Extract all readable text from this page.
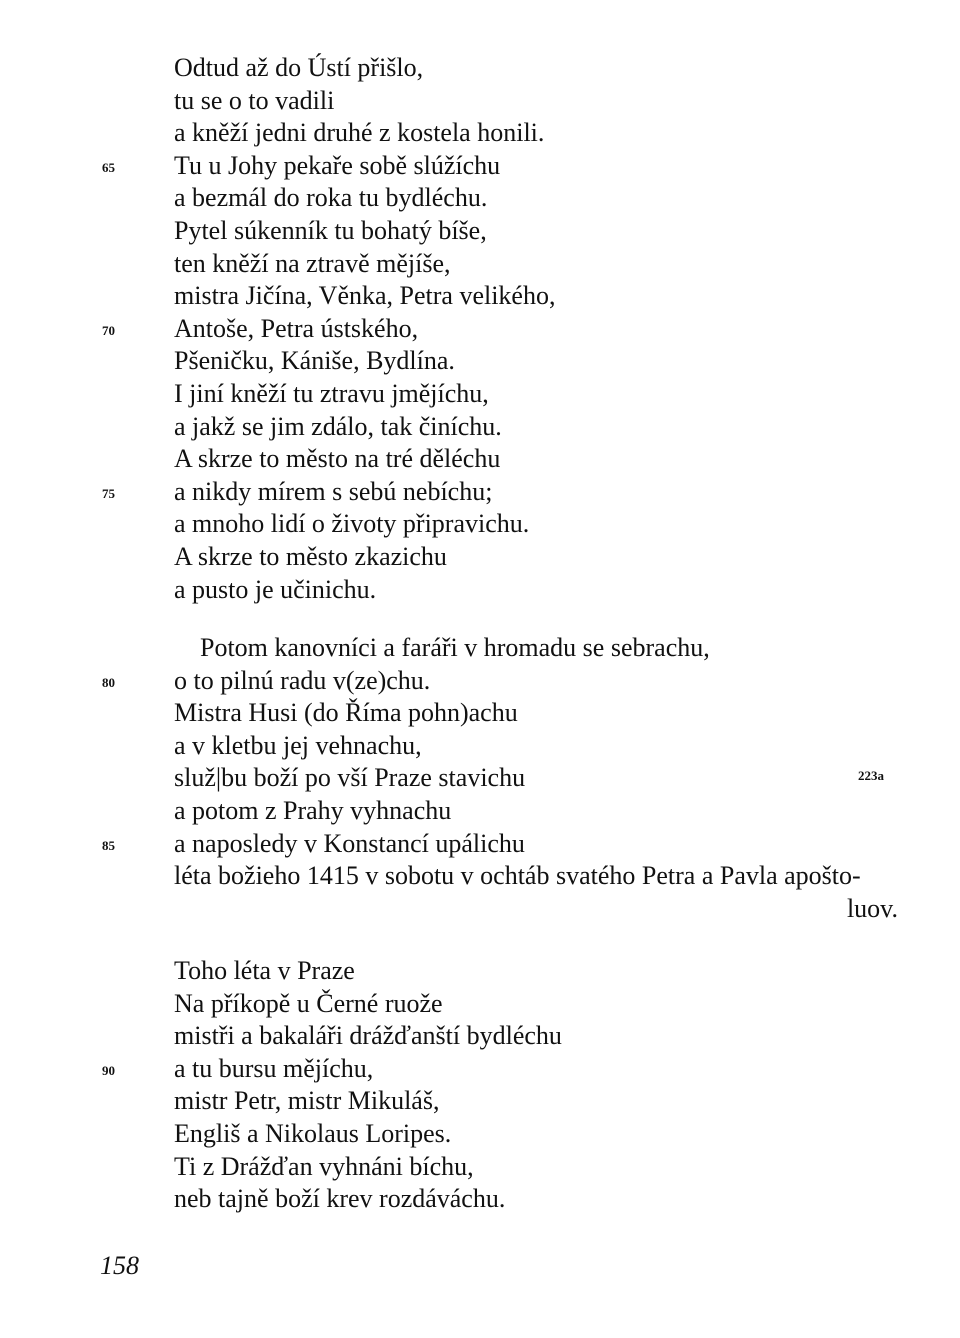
Odtud až do Ústí přišlo,
tu se o to vadili
a kněží jedni druhé z kostela honili.
65 Tu u Johy pekaře sobě slúžíchu
a bezmál do roka tu bydléchu.
Pytel súkenník tu bohatý bíše,
ten kněží na ztravě mějíše,
mistra Jičína, Věnka, Petra velikého,
70 Antoše, Petra ústského,
Pšeničku, Kániše, Bydlína.
I jiní kněží tu ztravu jmějíchu,
a jakž se jim zdálo, tak činíchu.
A skrze to město na tré děléchu
75 a nikdy mírem s sebú nebíchu;
a mnoho lidí o životy připravichu.
A skrze to město zkazichu
a pusto je učinichu.
Potom kanovníci a faráři v hromadu se sebrachu,
80 o to pilnú radu v(ze)chu.
Mistra Husi (do Říma pohn)achu
a v kletbu jej vehnachu,
služ|bu boží po vší Praze stavichu	223a
a potom z Prahy vyhnachu
85 a naposledy v Konstancí upálichu
léta božieho 1415 v sobotu v ochtáb svatého Petra a Pavla apošto-
luov.
Toho léta v Praze
Na příkopě u Černé ruože
mistři a bakaláři drážďanští bydléchu
90 a tu bursu mějíchu,
mistr Petr, mistr Mikuláš,
Engliš a Nikolaus Loripes.
Ti z Drážďan vyhnáni bíchu,
neb tajně boží krev rozdáváchu.
158
